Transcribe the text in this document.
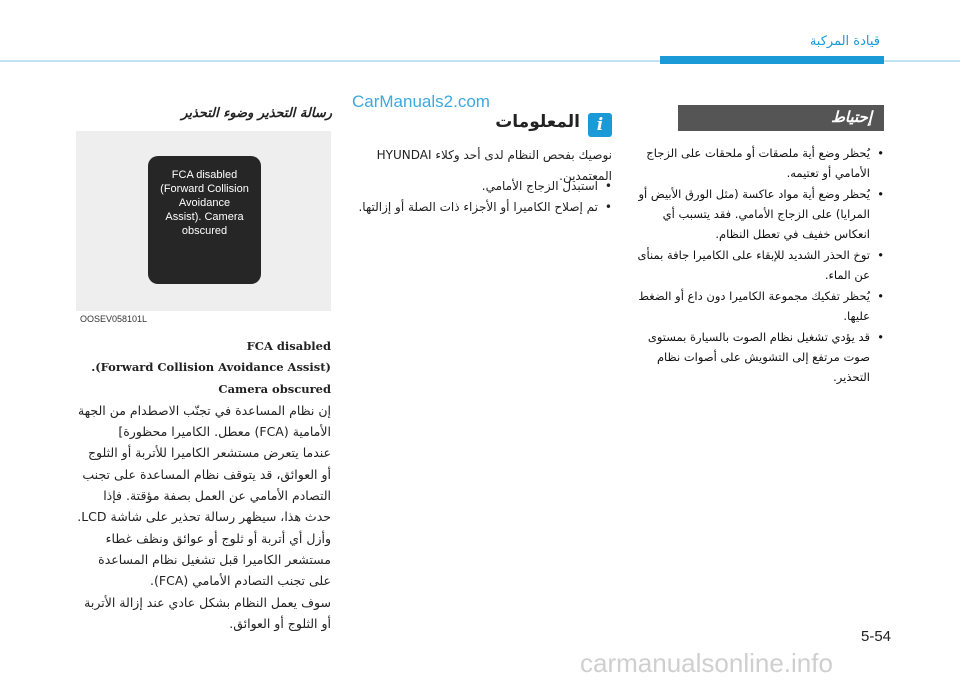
قيادة المركبة
إحتياط
• يُحظر وضع أية ملصقات أو ملحقات على الزجاج الأمامي أو تعتيمه.
• يُحظر وضع أية مواد عاكسة (مثل الورق الأبيض أو المرايا) على الزجاج الأمامي. فقد يتسبب أي انعكاس خفيف في تعطل النظام.
• توخ الحذر الشديد للإبقاء على الكاميرا جافة بمنأى عن الماء.
• يُحظر تفكيك مجموعة الكاميرا دون داع أو الضغط عليها.
• قد يؤدي تشغيل نظام الصوت بالسيارة بمستوى صوت مرتفع إلى التشويش على أصوات نظام التحذير.
i
المعلومات
نوصيك بفحص النظام لدى أحد وكلاء HYUNDAI المعتمدين.
• استبدل الزجاج الأمامي.
• تم إصلاح الكاميرا أو الأجزاء ذات الصلة أو إزالتها.
CarManuals2.com
رسالة التحذير وضوء التحذير
FCA disabled
(Forward Collision
Avoidance
Assist). Camera
obscured
OOSEV058101L

FCA disabled

.(Forward Collision Avoidance Assist)

Camera obscured

إن نظام المساعدة في تجنّب الاصطدام من الجهة الأمامية (FCA) معطل. الكاميرا محظورة]

عندما يتعرض مستشعر الكاميرا للأتربة أو الثلوج أو العوائق، قد يتوقف نظام المساعدة على تجنب التصادم الأمامي عن العمل بصفة مؤقتة. فإذا حدث هذا، سيظهر رسالة تحذير على شاشة LCD. وأزل أي أتربة أو ثلوج أو عوائق ونظف غطاء مستشعر الكاميرا قبل تشغيل نظام المساعدة على تجنب التصادم الأمامي (FCA).

سوف يعمل النظام بشكل عادي عند إزالة الأتربة أو الثلوج أو العوائق.

5-54
carmanualsonline.info
